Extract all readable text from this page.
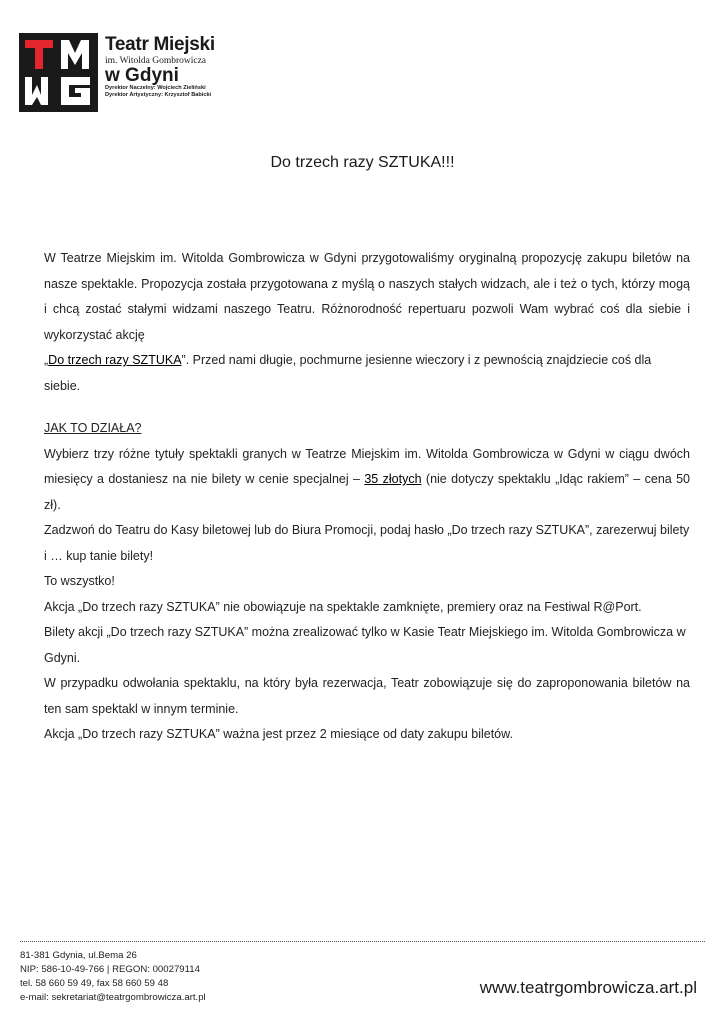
Teatr Miejski
im. Witolda Gombrowicza
w Gdyni
Dyrektor Naczelny: Wojciech Zieliński
Dyrektor Artystyczny: Krzysztof Babicki
Do trzech razy SZTUKA!!!

W Teatrze Miejskim im. Witolda Gombrowicza w Gdyni przygotowaliśmy oryginalną propozycję zakupu biletów na nasze spektakle. Propozycja została przygotowana z myślą o naszych stałych widzach, ale i też o tych, którzy mogą i chcą zostać stałymi widzami naszego Teatru. Różnorodność repertuaru pozwoli Wam wybrać coś dla siebie i wykorzystać akcję

„Do trzech razy SZTUKA”. Przed nami długie, pochmurne jesienne wieczory i z pewnością znajdziecie coś dla siebie.

JAK TO DZIAŁA?

Wybierz trzy różne tytuły spektakli granych w Teatrze Miejskim im. Witolda Gombrowicza w Gdyni w ciągu dwóch miesięcy a dostaniesz na nie bilety w cenie specjalnej – 35 złotych (nie dotyczy spektaklu „Idąc rakiem” – cena 50 zł).

Zadzwoń do Teatru do Kasy biletowej lub do Biura Promocji, podaj hasło „Do trzech razy SZTUKA”, zarezerwuj bilety i … kup tanie bilety!

To wszystko!

Akcja „Do trzech razy SZTUKA” nie obowiązuje na spektakle zamknięte, premiery oraz na Festiwal R@Port.

Bilety akcji „Do trzech razy SZTUKA” można zrealizować tylko w Kasie Teatr Miejskiego im. Witolda Gombrowicza w Gdyni.

W przypadku odwołania spektaklu, na który była rezerwacja, Teatr zobowiązuje się do zaproponowania biletów na ten sam spektakl w innym terminie.

Akcja „Do trzech razy SZTUKA” ważna jest przez 2 miesiące od daty zakupu biletów.

81-381 Gdynia, ul.Bema 26
NIP: 586-10-49-766 | REGON: 000279114
tel. 58 660 59 49, fax 58 660 59 48
e-mail: sekretariat@teatrgombrowicza.art.pl
www.teatrgombrowicza.art.pl
